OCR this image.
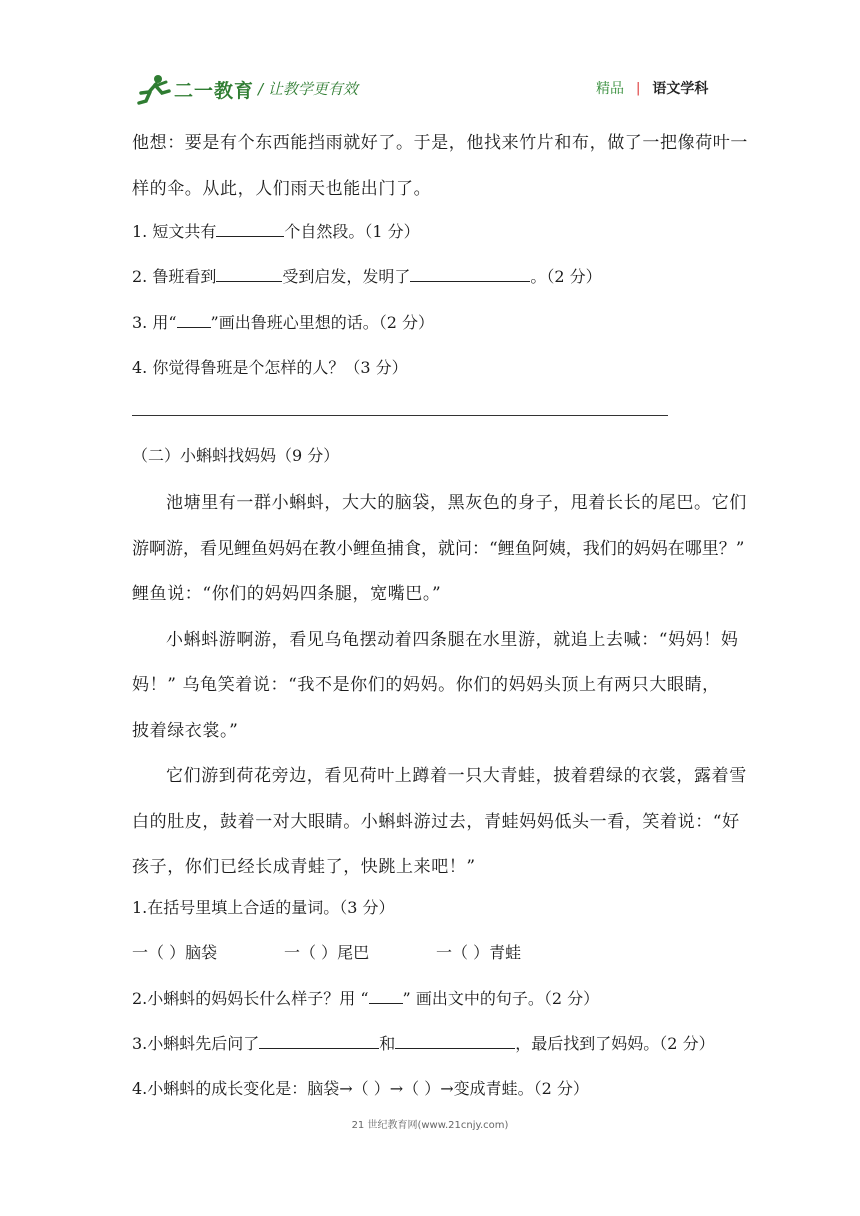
二一教育 / 让教学更有效	精品 | 语文学科
他想：要是有个东西能挡雨就好了。于是，他找来竹片和布，做了一把像荷叶一
样的伞。从此，人们雨天也能出门了。
1. 短文共有	个自然段。（1 分）
2. 鲁班看到	受到启发，发明了	。（2 分）
3. 用“ ”画出鲁班心里想的话。（2 分）
4. 你觉得鲁班是个怎样的人？（3 分）
（二）小蝌蚪找妈妈（9 分）
池塘里有一群小蝌蚪，大大的脑袋，黑灰色的身子，甩着长长的尾巴。它们
游啊游，看见鲤鱼妈妈在教小鲤鱼捕食，就问：“鲤鱼阿姨，我们的妈妈在哪里？”
鲤鱼说：“你们的妈妈四条腿，宽嘴巴。”
小蝌蚪游啊游，看见乌龟摆动着四条腿在水里游，就追上去喊：“妈妈！妈
妈！” 乌龟笑着说：“我不是你们的妈妈。你们的妈妈头顶上有两只大眼睛，
披着绿衣裳。”
它们游到荷花旁边，看见荷叶上蹲着一只大青蛙，披着碧绿的衣裳，露着雪
白的肚皮，鼓着一对大眼睛。小蝌蚪游过去，青蛙妈妈低头一看，笑着说：“好
孩子，你们已经长成青蛙了，快跳上来吧！”
1.在括号里填上合适的量词。（3 分）
一（ ）脑袋	一（ ）尾巴	一（ ）青蛙
2.小蝌蚪的妈妈长什么样子？用 “ ” 画出文中的句子。（2 分）
3.小蝌蚪先后问了	和	，最后找到了妈妈。（2 分）
4.小蝌蚪的成长变化是：脑袋→（ ）→（ ）→变成青蛙。（2 分）
21 世纪教育网(www.21cnjy.com)
